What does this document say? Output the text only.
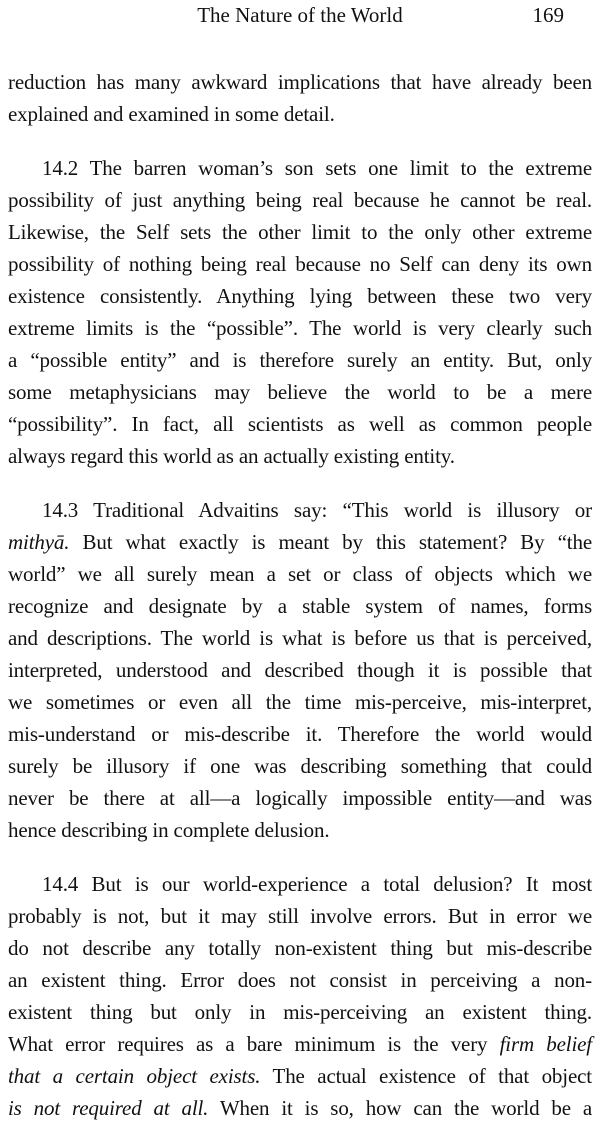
The Nature of the World	169
reduction has many awkward implications that have already been
explained and examined in some detail.
14.2 The barren woman’s son sets one limit to the extreme
possibility of just anything being real because he cannot be real.
Likewise, the Self sets the other limit to the only other extreme
possibility of nothing being real because no Self can deny its own
existence consistently. Anything lying between these two very
extreme limits is the “possible”. The world is very clearly such
a “possible entity” and is therefore surely an entity. But, only
some metaphysicians may believe the world to be a mere
“possibility”. In fact, all scientists as well as common people
always regard this world as an actually existing entity.
14.3 Traditional Advaitins say: “This world is illusory or
mithyā. But what exactly is meant by this statement? By “the
world” we all surely mean a set or class of objects which we
recognize and designate by a stable system of names, forms
and descriptions. The world is what is before us that is perceived,
interpreted, understood and described though it is possible that
we sometimes or even all the time mis-perceive, mis-interpret,
mis-understand or mis-describe it. Therefore the world would
surely be illusory if one was describing something that could
never be there at all—a logically impossible entity—and was
hence describing in complete delusion.
14.4 But is our world-experience a total delusion? It most
probably is not, but it may still involve errors. But in error we
do not describe any totally non-existent thing but mis-describe
an existent thing. Error does not consist in perceiving a non-
existent thing but only in mis-perceiving an existent thing.
What error requires as a bare minimum is the very firm belief
that a certain object exists. The actual existence of that object
is not required at all. When it is so, how can the world be a
